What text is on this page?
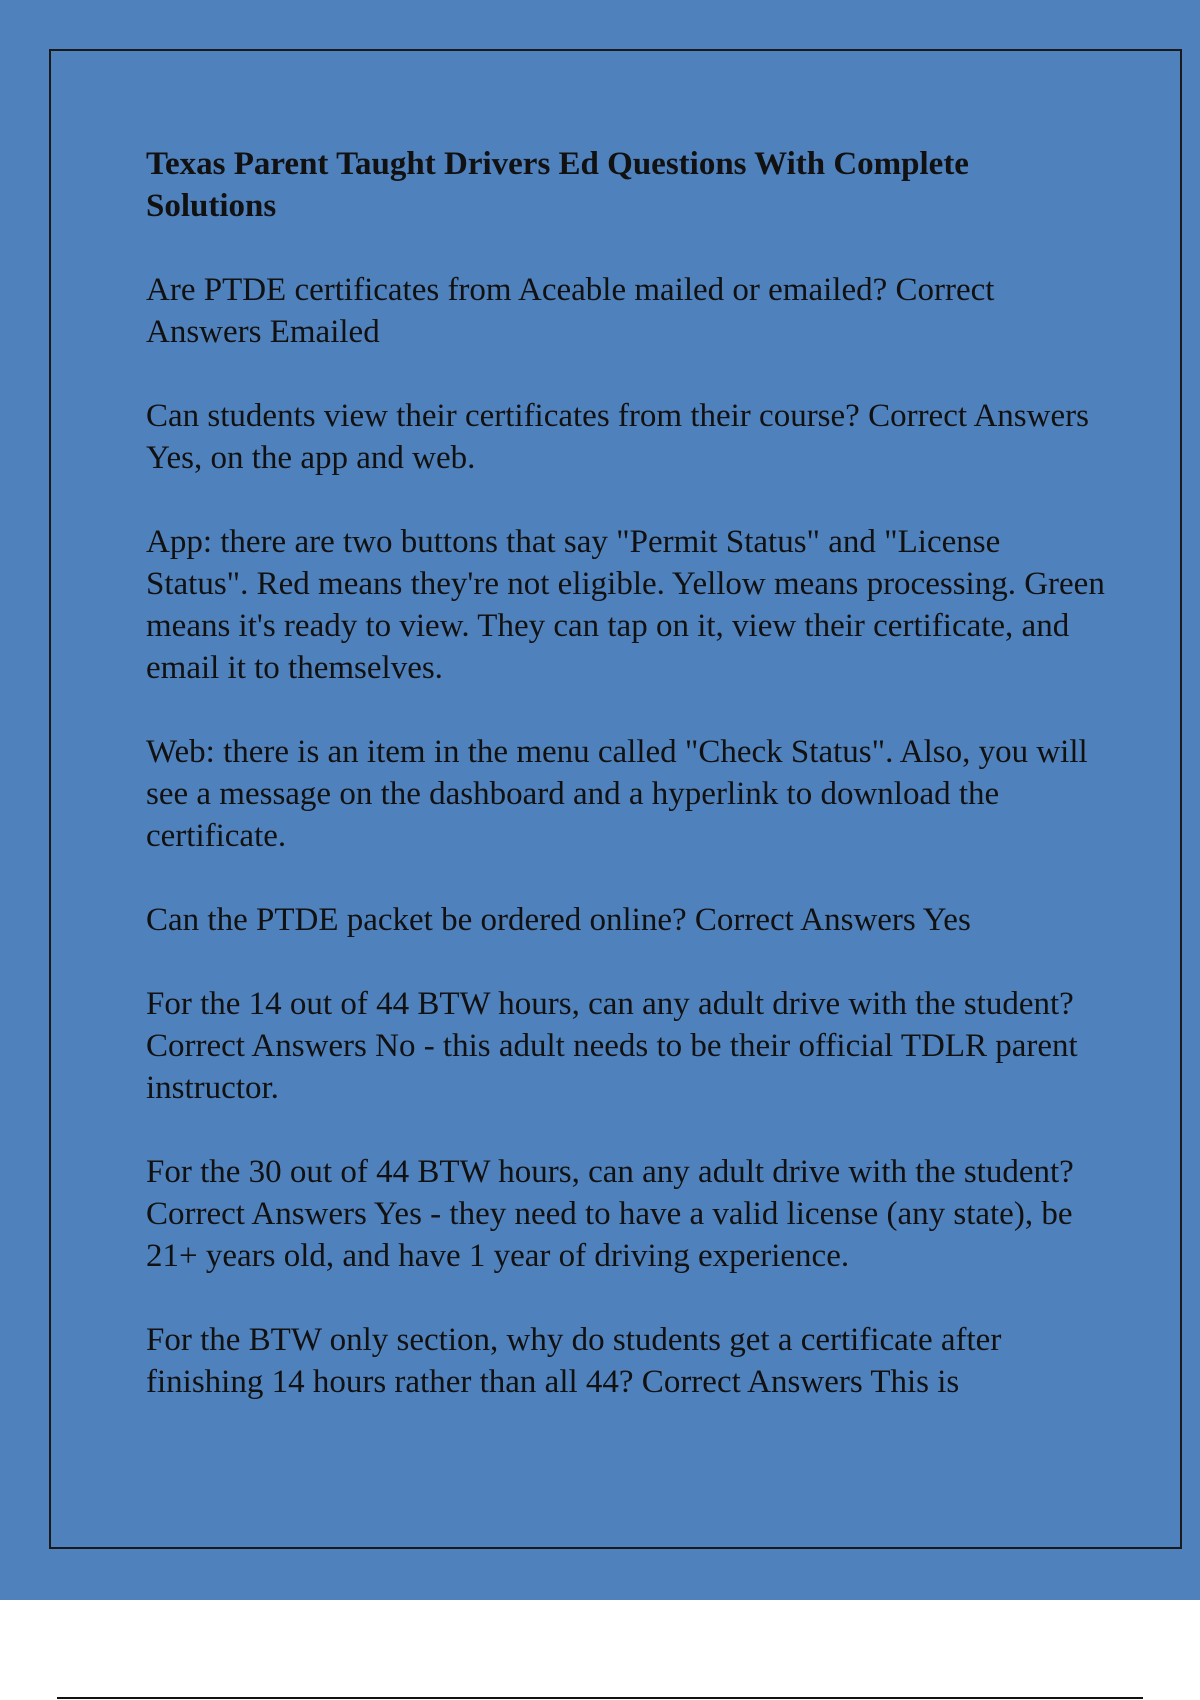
Texas Parent Taught Drivers Ed Questions With Complete Solutions
Are PTDE certificates from Aceable mailed or emailed? Correct Answers Emailed
Can students view their certificates from their course? Correct Answers Yes, on the app and web.
App: there are two buttons that say "Permit Status" and "License Status". Red means they're not eligible. Yellow means processing. Green means it's ready to view. They can tap on it, view their certificate, and email it to themselves.
Web: there is an item in the menu called "Check Status". Also, you will see a message on the dashboard and a hyperlink to download the certificate.
Can the PTDE packet be ordered online? Correct Answers Yes
For the 14 out of 44 BTW hours, can any adult drive with the student? Correct Answers No - this adult needs to be their official TDLR parent instructor.
For the 30 out of 44 BTW hours, can any adult drive with the student? Correct Answers Yes - they need to have a valid license (any state), be 21+ years old, and have 1 year of driving experience.
For the BTW only section, why do students get a certificate after finishing 14 hours rather than all 44? Correct Answers This is
